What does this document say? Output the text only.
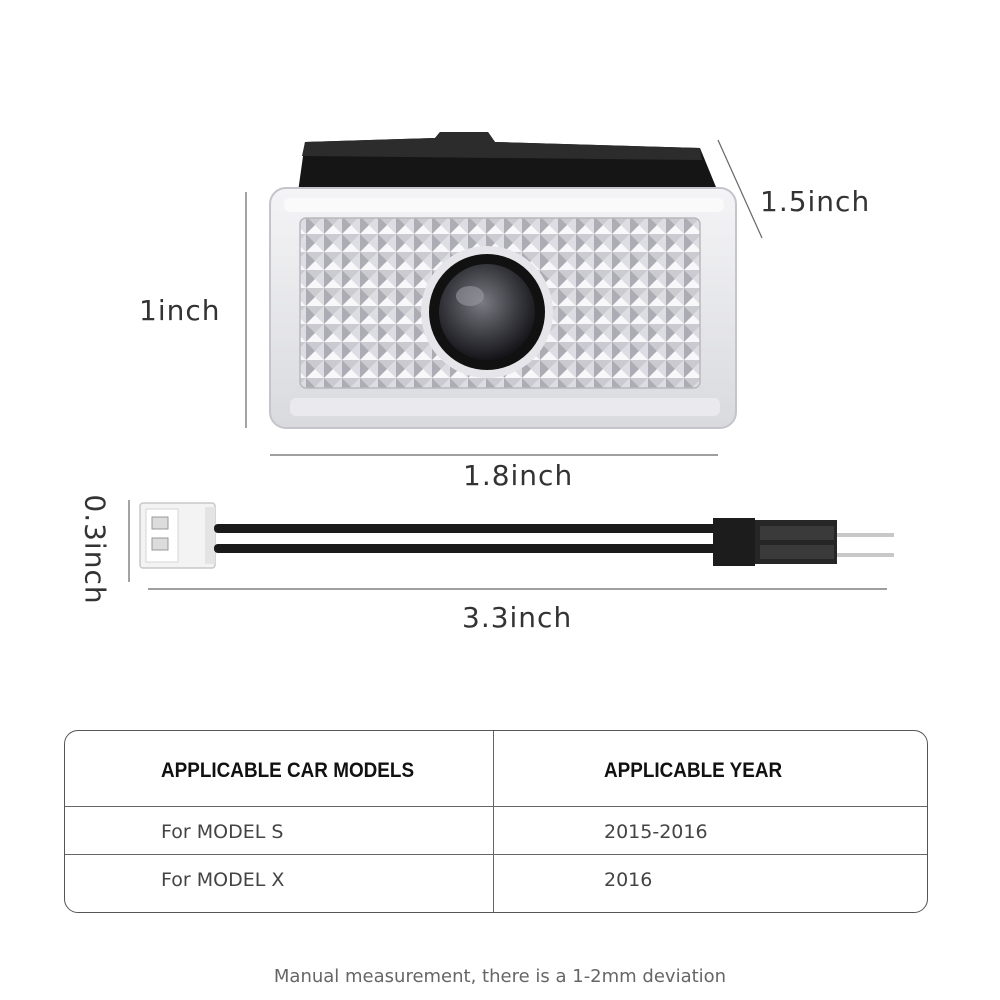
1.5inch
1inch
1.8inch
0.3inch
3.3inch
APPLICABLE CAR MODELS	APPLICABLE YEAR
For MODEL S	2015-2016
For MODEL X	2016
Manual measurement, there is a 1-2mm deviation
